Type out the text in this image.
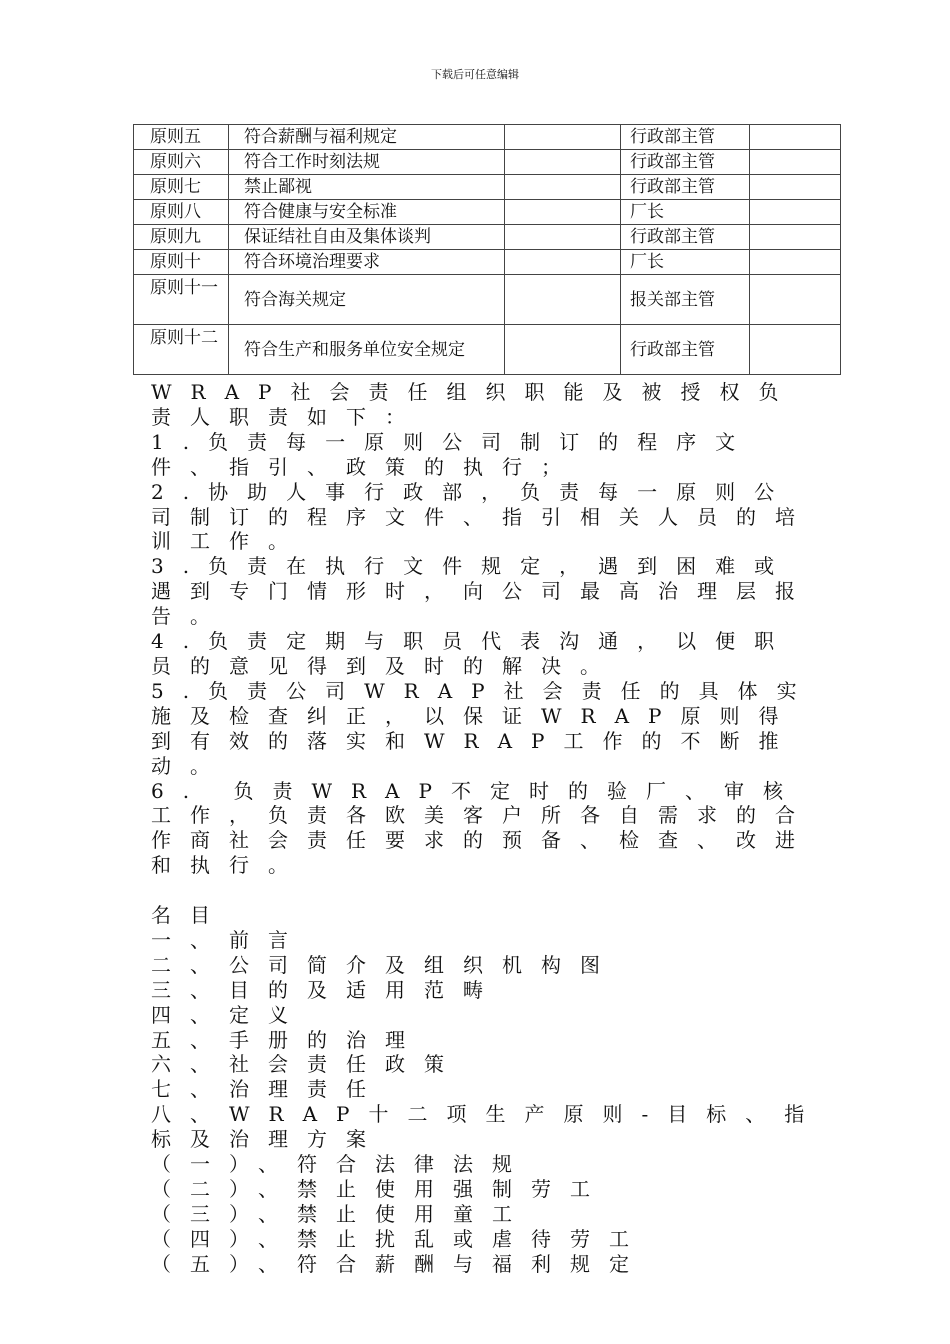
下载后可任意编辑
原则五	符合薪酬与福利规定		行政部主管	
原则六	符合工作时刻法规		行政部主管	
原则七	禁止鄙视		行政部主管	
原则八	符合健康与安全标准		厂长	
原则九	保证结社自由及集体谈判		行政部主管	
原则十	符合环境治理要求		厂长	
原则十一	符合海关规定		报关部主管	
原则十二	符合生产和服务单位安全规定		行政部主管	

WRAP社会责任组织职能及被授权负责人职责如下：

1.负责每一原则公司制订的程序文件、指引、政策的执行；

2.协助人事行政部，负责每一原则公司制订的程序文件、指引相关人员的培训工作。

3.负责在执行文件规定，遇到困难或遇到专门情形时，向公司最高治理层报告。

4.负责定期与职员代表沟通，以便职员的意见得到及时的解决。

5.负责公司WRAP社会责任的具体实施及检查纠正，以保证WRAP原则得到有效的落实和WRAP工作的不断推动。

6. 负责WRAP不定时的验厂、审核工作，负责各欧美客户所各自需求的合作商社会责任要求的预备、检查、改进和执行。

名目

一、前言

二、公司简介及组织机构图

三、目的及适用范畴

四、定义

五、手册的治理

六、社会责任政策

七、治理责任

八、WRAP十二项生产原则-目标、指标及治理方案

（一）、符合法律法规

（二）、禁止使用强制劳工

（三）、禁止使用童工

（四）、禁止扰乱或虐待劳工

（五）、符合薪酬与福利规定
